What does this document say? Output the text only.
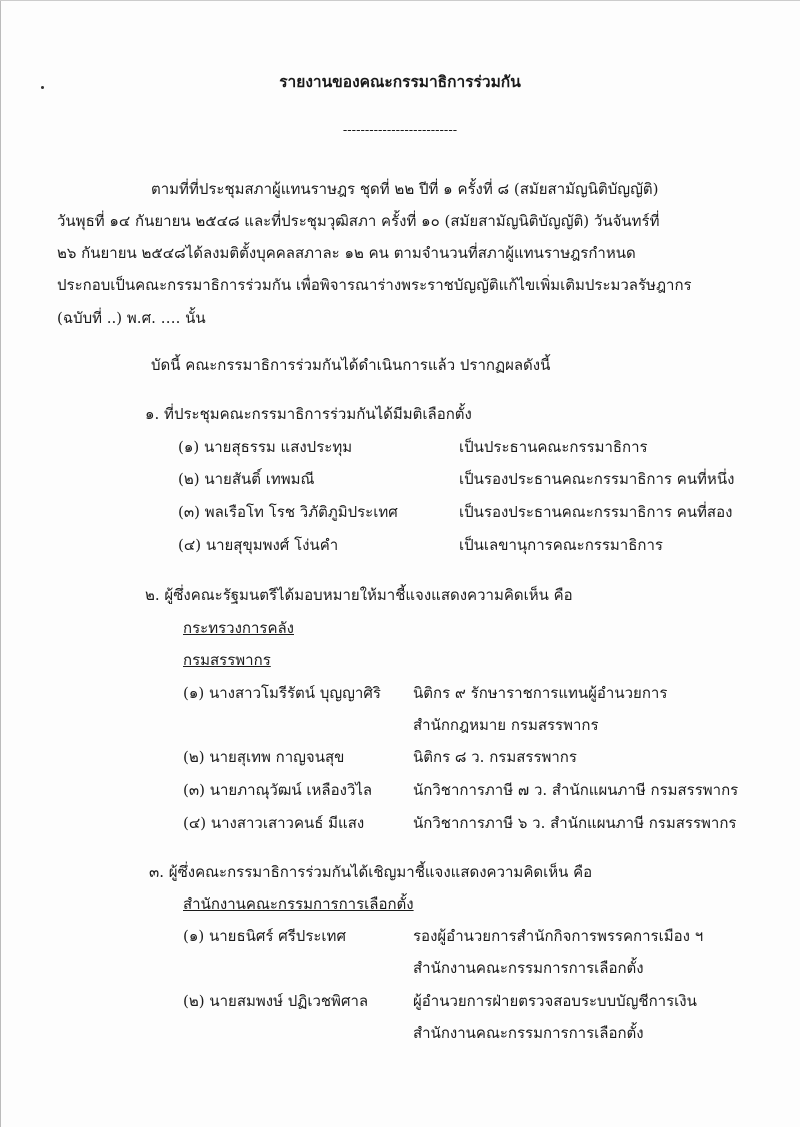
รายงานของคณะกรรมาธิการร่วมกัน
--------------------------
ตามที่ที่ประชุมสภาผู้แทนราษฎร ชุดที่ ๒๒ ปีที่ ๑ ครั้งที่ ๘ (สมัยสามัญนิติบัญญัติ)
วันพุธที่ ๑๔ กันยายน ๒๕๔๘ และที่ประชุมวุฒิสภา ครั้งที่ ๑๐ (สมัยสามัญนิติบัญญัติ) วันจันทร์ที่
๒๖ กันยายน ๒๕๔๘ได้ลงมติตั้งบุคคลสภาละ ๑๒ คน ตามจำนวนที่สภาผู้แทนราษฎรกำหนด
ประกอบเป็นคณะกรรมาธิการร่วมกัน เพื่อพิจารณาร่างพระราชบัญญัติแก้ไขเพิ่มเติมประมวลรัษฎากร
(ฉบับที่ ..) พ.ศ. …. นั้น
บัดนี้ คณะกรรมาธิการร่วมกันได้ดำเนินการแล้ว ปรากฏผลดังนี้
๑. ที่ประชุมคณะกรรมาธิการร่วมกันได้มีมติเลือกตั้ง
(๑) นายสุธรรม แสงประทุม	เป็นประธานคณะกรรมาธิการ
(๒) นายสันติ์ เทพมณี	เป็นรองประธานคณะกรรมาธิการ คนที่หนึ่ง
(๓) พลเรือโท โรช วิภัติภูมิประเทศ	เป็นรองประธานคณะกรรมาธิการ คนที่สอง
(๔) นายสุขุมพงศ์ โง่นคำ	เป็นเลขานุการคณะกรรมาธิการ
๒. ผู้ซึ่งคณะรัฐมนตรีได้มอบหมายให้มาชี้แจงแสดงความคิดเห็น คือ
กระทรวงการคลัง
กรมสรรพากร
(๑) นางสาวโมรีรัตน์ บุญญาศิริ นิติกร ๙ รักษาราชการแทนผู้อำนวยการ
สำนักกฎหมาย กรมสรรพากร
(๒) นายสุเทพ กาญจนสุข	นิติกร ๘ ว. กรมสรรพากร
(๓) นายภาณุวัฒน์ เหลืองวิไล	นักวิชาการภาษี ๗ ว. สำนักแผนภาษี กรมสรรพากร
(๔) นางสาวเสาวคนธ์ มีแสง	นักวิชาการภาษี ๖ ว. สำนักแผนภาษี กรมสรรพากร
๓. ผู้ซึ่งคณะกรรมาธิการร่วมกันได้เชิญมาชี้แจงแสดงความคิดเห็น คือ
สำนักงานคณะกรรมการการเลือกตั้ง
(๑) นายธนิศร์ ศรีประเทศ	รองผู้อำนวยการสำนักกิจการพรรคการเมือง ฯ
สำนักงานคณะกรรมการการเลือกตั้ง
(๒) นายสมพงษ์ ปฏิเวชพิศาล	ผู้อำนวยการฝ่ายตรวจสอบระบบบัญชีการเงิน
สำนักงานคณะกรรมการการเลือกตั้ง
